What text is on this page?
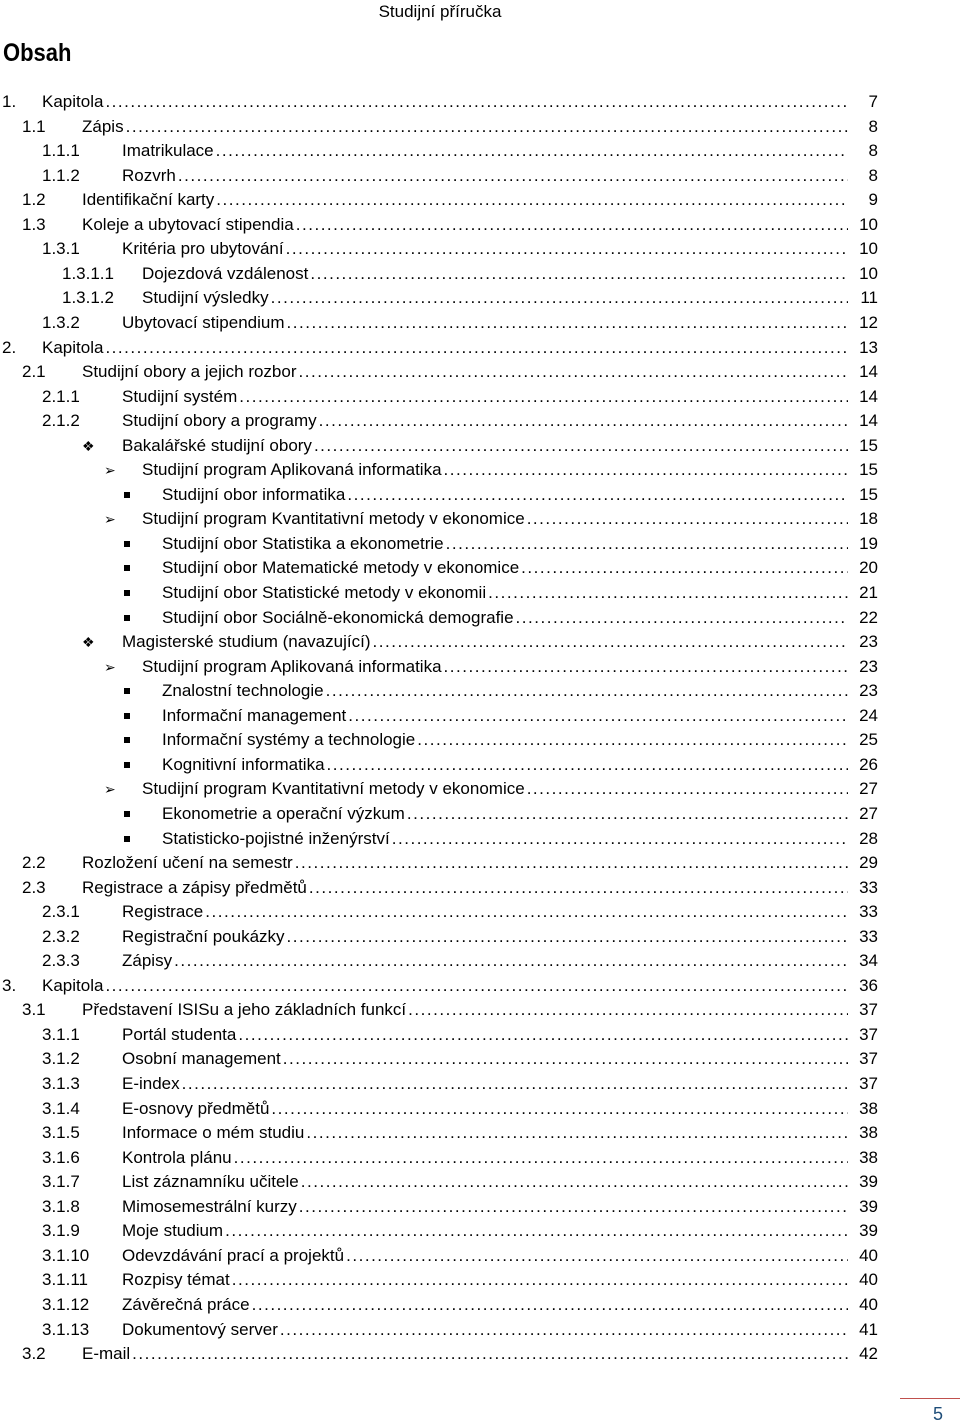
Studijní příručka
Obsah
1. Kapitola . . .	7
1.1 Zápis . . .	8
1.1.1 Imatrikulace . . .	8
1.1.2 Rozvrh . . .	8
1.2 Identifikační karty . . .	9
1.3 Koleje a ubytovací stipendia . . .	10
1.3.1 Kritéria pro ubytování . . .	10
1.3.1.1 Dojezdová vzdálenost . . .	10
1.3.1.2 Studijní výsledky . . .	11
1.3.2 Ubytovací stipendium . . .	12
2. Kapitola . . .	13
2.1 Studijní obory a jejich rozbor . . .	14
2.1.1 Studijní systém . . .	14
2.1.2 Studijní obory a programy . . .	14
❖ Bakalářské studijní obory . . .	15
➢ Studijní program Aplikovaná informatika . . .	15
Studijní obor informatika . . .	15
➢ Studijní program Kvantitativní metody v ekonomice . . .	18
Studijní obor Statistika a ekonometrie . . .	19
Studijní obor Matematické metody v ekonomice . . .	20
Studijní obor Statistické metody v ekonomii . . .	21
Studijní obor Sociálně-ekonomická demografie . . .	22
❖ Magisterské studium (navazující) . . .	23
➢ Studijní program Aplikovaná informatika . . .	23
Znalostní technologie . . .	23
Informační management . . .	24
Informační systémy a technologie . . .	25
Kognitivní informatika . . .	26
➢ Studijní program Kvantitativní metody v ekonomice . . .	27
Ekonometrie a operační výzkum . . .	27
Statisticko-pojistné inženýrství . . .	28
2.2 Rozložení učení na semestr . . .	29
2.3 Registrace a zápisy předmětů . . .	33
2.3.1 Registrace . . .	33
2.3.2 Registrační poukázky . . .	33
2.3.3 Zápisy . . .	34
3. Kapitola . . .	36
3.1 Představení ISISu a jeho základních funkcí . . .	37
3.1.1 Portál studenta . . .	37
3.1.2 Osobní management . . .	37
3.1.3 E-index . . .	37
3.1.4 E-osnovy předmětů . . .	38
3.1.5 Informace o mém studiu . . .	38
3.1.6 Kontrola plánu . . .	38
3.1.7 List záznamníku učitele . . .	39
3.1.8 Mimosemestrální kurzy . . .	39
3.1.9 Moje studium . . .	39
3.1.10 Odevzdávání prací a projektů . . .	40
3.1.11 Rozpisy témat . . .	40
3.1.12 Závěrečná práce . . .	40
3.1.13 Dokumentový server . . .	41
3.2 E-mail . . .	42
5
